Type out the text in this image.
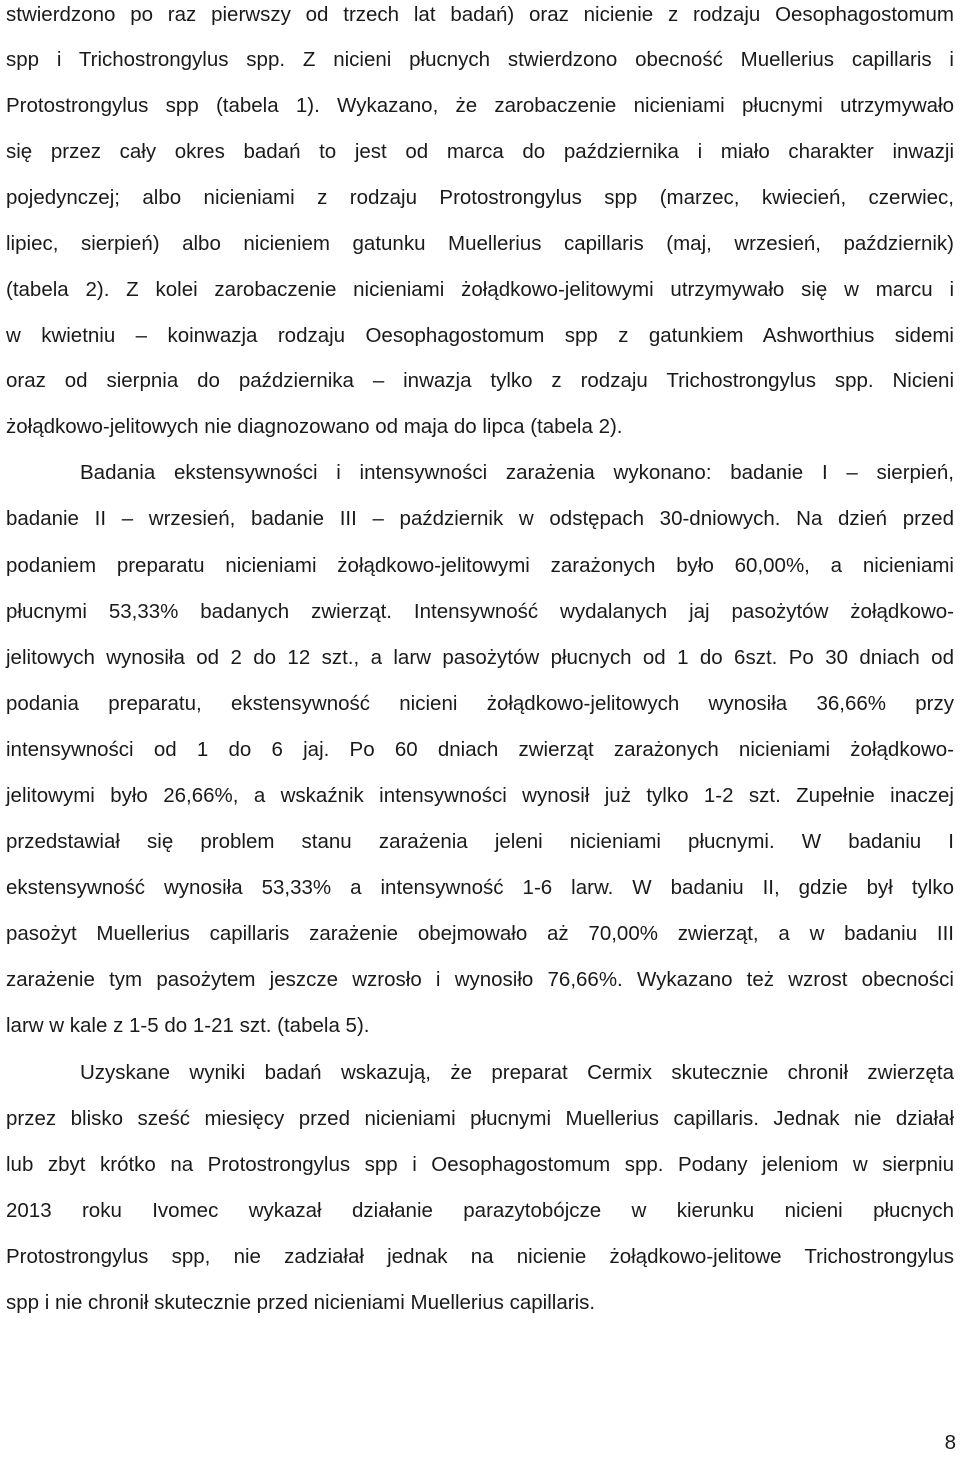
stwierdzono po raz pierwszy od trzech lat badań) oraz nicienie z rodzaju Oesophagostomum
spp i Trichostrongylus spp. Z nicieni płucnych stwierdzono obecność Muellerius capillaris i
Protostrongylus spp (tabela 1). Wykazano, że zarobaczenie nicieniami płucnymi utrzymywało
się przez cały okres badań to jest od marca do października i miało charakter inwazji
pojedynczej; albo nicieniami z rodzaju Protostrongylus spp (marzec, kwiecień, czerwiec,
lipiec, sierpień) albo nicieniem gatunku Muellerius capillaris (maj, wrzesień, październik)
(tabela 2). Z kolei zarobaczenie nicieniami żołądkowo-jelitowymi utrzymywało się w marcu i
w kwietniu – koinwazja rodzaju Oesophagostomum spp z gatunkiem Ashworthius sidemi
oraz od sierpnia do października – inwazja tylko z rodzaju Trichostrongylus spp. Nicieni
żołądkowo-jelitowych nie diagnozowano od maja do lipca (tabela 2).
Badania ekstensywności i intensywności zarażenia wykonano: badanie I – sierpień,
badanie II – wrzesień, badanie III – październik w odstępach 30-dniowych. Na dzień przed
podaniem preparatu nicieniami żołądkowo-jelitowymi zarażonych było 60,00%, a nicieniami
płucnymi 53,33% badanych zwierząt. Intensywność wydalanych jaj pasożytów żołądkowo-
jelitowych wynosiła od 2 do 12 szt., a larw pasożytów płucnych od 1 do 6szt. Po 30 dniach od
podania preparatu, ekstensywność nicieni żołądkowo-jelitowych wynosiła 36,66% przy
intensywności od 1 do 6 jaj. Po 60 dniach zwierząt zarażonych nicieniami żołądkowo-
jelitowymi było 26,66%, a wskaźnik intensywności wynosił już tylko 1-2 szt. Zupełnie inaczej
przedstawiał się problem stanu zarażenia jeleni nicieniami płucnymi. W badaniu I
ekstensywność wynosiła 53,33% a intensywność 1-6 larw. W badaniu II, gdzie był tylko
pasożyt Muellerius capillaris zarażenie obejmowało aż 70,00% zwierząt, a w badaniu III
zarażenie tym pasożytem jeszcze wzrosło i wynosiło 76,66%. Wykazano też wzrost obecności
larw w kale z 1-5 do 1-21 szt. (tabela 5).
Uzyskane wyniki badań wskazują, że preparat Cermix skutecznie chronił zwierzęta
przez blisko sześć miesięcy przed nicieniami płucnymi Muellerius capillaris. Jednak nie działał
lub zbyt krótko na Protostrongylus spp i Oesophagostomum spp. Podany jeleniom w sierpniu
2013 roku Ivomec wykazał działanie parazytobójcze w kierunku nicieni płucnych
Protostrongylus spp, nie zadziałał jednak na nicienie żołądkowo-jelitowe Trichostrongylus
spp i nie chronił skutecznie przed nicieniami Muellerius capillaris.
8
